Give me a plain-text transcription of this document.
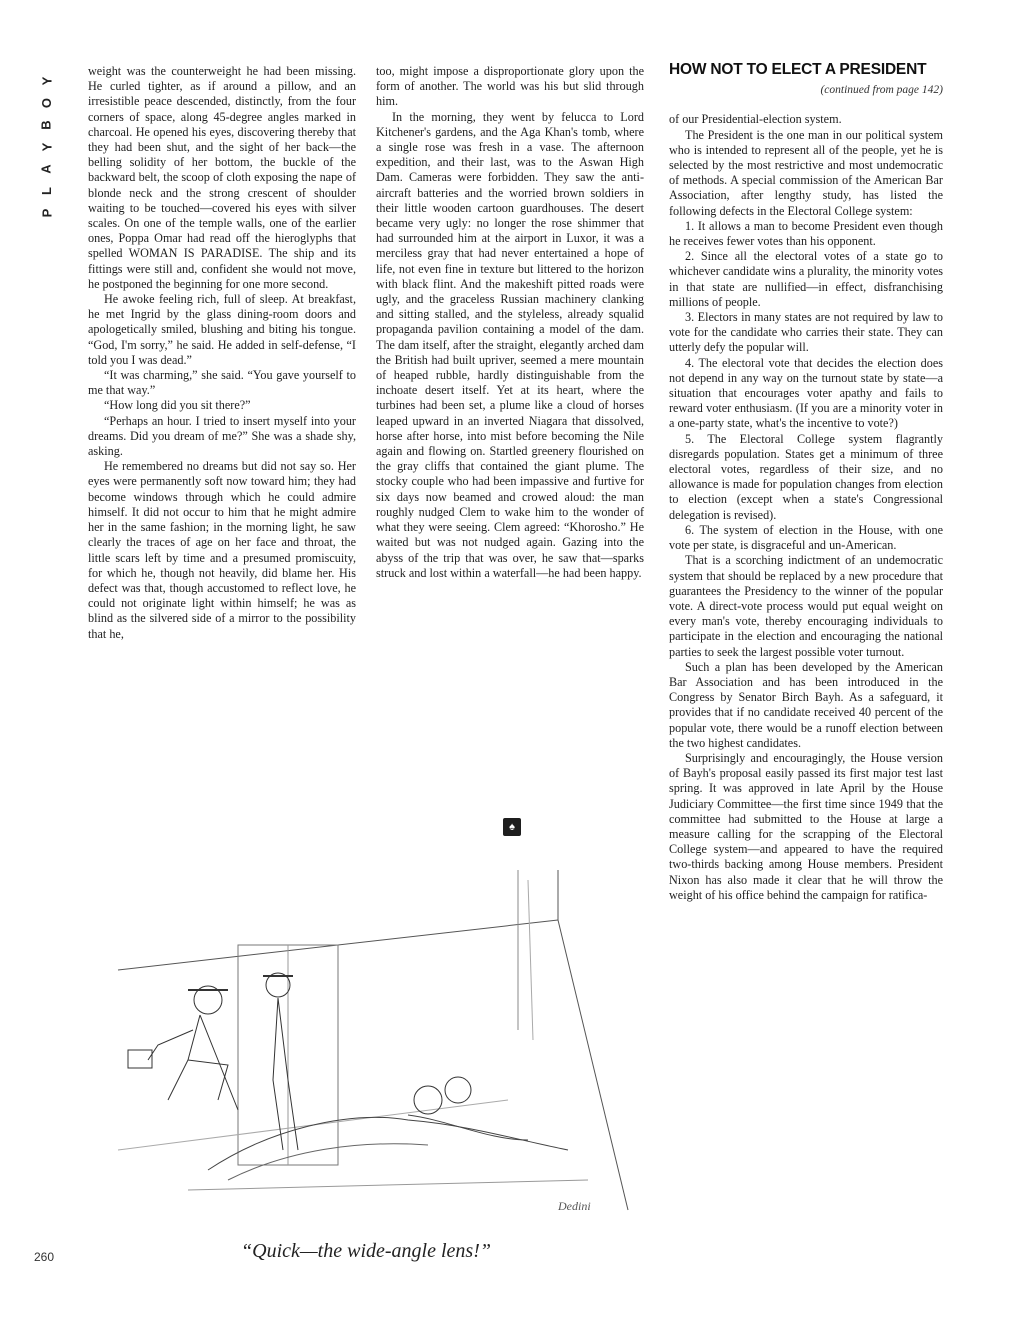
Y
O
B
Y
A
L
P

weight was the counterweight he had been missing. He curled tighter, as if around a pillow, and an irresistible peace descended, distinctly, from the four corners of space, along 45-degree angles marked in charcoal. He opened his eyes, discovering thereby that they had been shut, and the sight of her back—the belling solidity of her bottom, the buckle of the backward belt, the scoop of cloth exposing the nape of blonde neck and the strong crescent of shoulder waiting to be touched—covered his eyes with silver scales. On one of the temple walls, one of the earlier ones, Poppa Omar had read off the hieroglyphs that spelled WOMAN IS PARADISE. The ship and its fittings were still and, confident she would not move, he postponed the beginning for one more second.

He awoke feeling rich, full of sleep. At breakfast, he met Ingrid by the glass dining-room doors and apologetically smiled, blushing and biting his tongue. “God, I'm sorry,” he said. He added in self-defense, “I told you I was dead.”

“It was charming,” she said. “You gave yourself to me that way.”

“How long did you sit there?”

“Perhaps an hour. I tried to insert myself into your dreams. Did you dream of me?” She was a shade shy, asking.

He remembered no dreams but did not say so. Her eyes were permanently soft now toward him; they had become windows through which he could admire himself. It did not occur to him that he might admire her in the same fashion; in the morning light, he saw clearly the traces of age on her face and throat, the little scars left by time and a presumed promiscuity, for which he, though not heavily, did blame her. His defect was that, though accustomed to reflect love, he could not originate light within himself; he was as blind as the silvered side of a mirror to the possibility that he,

too, might impose a disproportionate glory upon the form of another. The world was his but slid through him.

In the morning, they went by felucca to Lord Kitchener's gardens, and the Aga Khan's tomb, where a single rose was fresh in a vase. The afternoon expedition, and their last, was to the Aswan High Dam. Cameras were forbidden. They saw the anti-aircraft batteries and the worried brown soldiers in their little wooden cartoon guardhouses. The desert became very ugly: no longer the rose shimmer that had surrounded him at the airport in Luxor, it was a merciless gray that had never entertained a hope of life, not even fine in texture but littered to the horizon with black flint. And the makeshift pitted roads were ugly, and the graceless Russian machinery clanking and sitting stalled, and the styleless, already squalid propaganda pavilion containing a model of the dam. The dam itself, after the straight, elegantly arched dam the British had built upriver, seemed a mere mountain of heaped rubble, hardly distinguishable from the inchoate desert itself. Yet at its heart, where the turbines had been set, a plume like a cloud of horses leaped upward in an inverted Niagara that dissolved, horse after horse, into mist before becoming the Nile again and flowing on. Startled greenery flourished on the gray cliffs that contained the giant plume. The stocky couple who had been impassive and furtive for six days now beamed and crowed aloud: the man roughly nudged Clem to wake him to the wonder of what they were seeing. Clem agreed: “Khorosho.” He waited but was not nudged again. Gazing into the abyss of the trip that was over, he saw that—sparks struck and lost within a waterfall—he had been happy.

♠
HOW NOT TO ELECT A PRESIDENT
(continued from page 142)

of our Presidential-election system.

The President is the one man in our political system who is intended to represent all of the people, yet he is selected by the most restrictive and most undemocratic of methods. A special commission of the American Bar Association, after lengthy study, has listed the following defects in the Electoral College system:

1. It allows a man to become President even though he receives fewer votes than his opponent.

2. Since all the electoral votes of a state go to whichever candidate wins a plurality, the minority votes in that state are nullified—in effect, disfranchising millions of people.

3. Electors in many states are not required by law to vote for the candidate who carries their state. They can utterly defy the popular will.

4. The electoral vote that decides the election does not depend in any way on the turnout state by state—a situation that encourages voter apathy and fails to reward voter enthusiasm. (If you are a minority voter in a one-party state, what's the incentive to vote?)

5. The Electoral College system flagrantly disregards population. States get a minimum of three electoral votes, regardless of their size, and no allowance is made for population changes from election to election (except when a state's Congressional delegation is revised).

6. The system of election in the House, with one vote per state, is disgraceful and un-American.

That is a scorching indictment of an undemocratic system that should be replaced by a new procedure that guarantees the Presidency to the winner of the popular vote. A direct-vote process would put equal weight on every man's vote, thereby encouraging individuals to participate in the election and encouraging the national parties to seek the largest possible voter turnout.

Such a plan has been developed by the American Bar Association and has been introduced in the Congress by Senator Birch Bayh. As a safeguard, it provides that if no candidate received 40 percent of the popular vote, there would be a runoff election between the two highest candidates.

Surprisingly and encouragingly, the House version of Bayh's proposal easily passed its first major test last spring. It was approved in late April by the House Judiciary Committee—the first time since 1949 that the committee had submitted to the House at large a measure calling for the scrapping of the Electoral College system—and appeared to have the required two-thirds backing among House members. President Nixon has also made it clear that he will throw the weight of his office behind the campaign for ratifica-

Dedini
“Quick—the wide-angle lens!”
260
